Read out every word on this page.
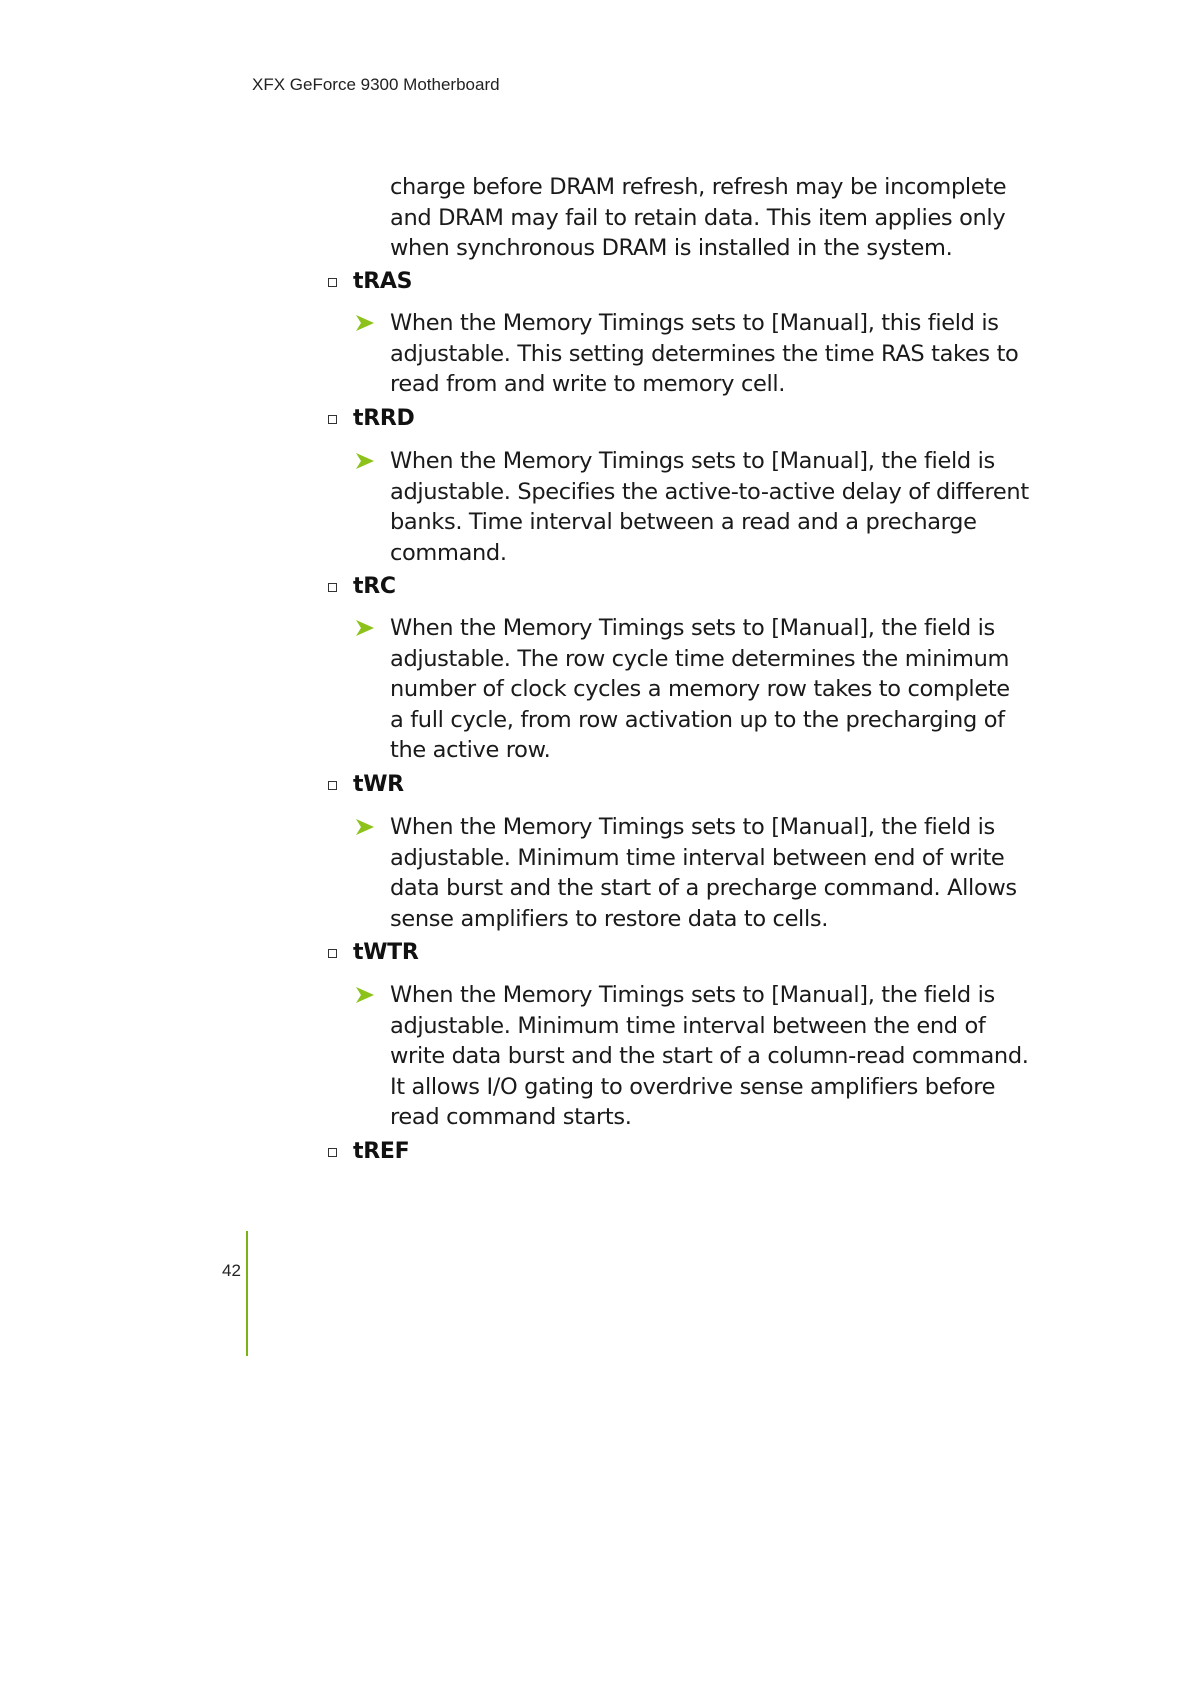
XFX GeForce 9300 Motherboard
charge before DRAM refresh, refresh may be incomplete and DRAM may fail to retain data. This item applies only when synchronous DRAM is installed in the system.
tRAS
When the Memory Timings sets to [Manual], this field is adjustable. This setting determines the time RAS takes to read from and write to memory cell.
tRRD
When the Memory Timings sets to [Manual], the field is adjustable. Specifies the active-to-active delay of different banks. Time interval between a read and a precharge command.
tRC
When the Memory Timings sets to [Manual], the field is adjustable. The row cycle time determines the minimum number of clock cycles a memory row takes to complete a full cycle, from row activation up to the precharging of the active row.
tWR
When the Memory Timings sets to [Manual], the field is adjustable. Minimum time interval between end of write data burst and the start of a precharge command. Allows sense amplifiers to restore data to cells.
tWTR
When the Memory Timings sets to [Manual], the field is adjustable. Minimum time interval between the end of write data burst and the start of a column-read command. It allows I/O gating to overdrive sense amplifiers before read command starts.
tREF
42
